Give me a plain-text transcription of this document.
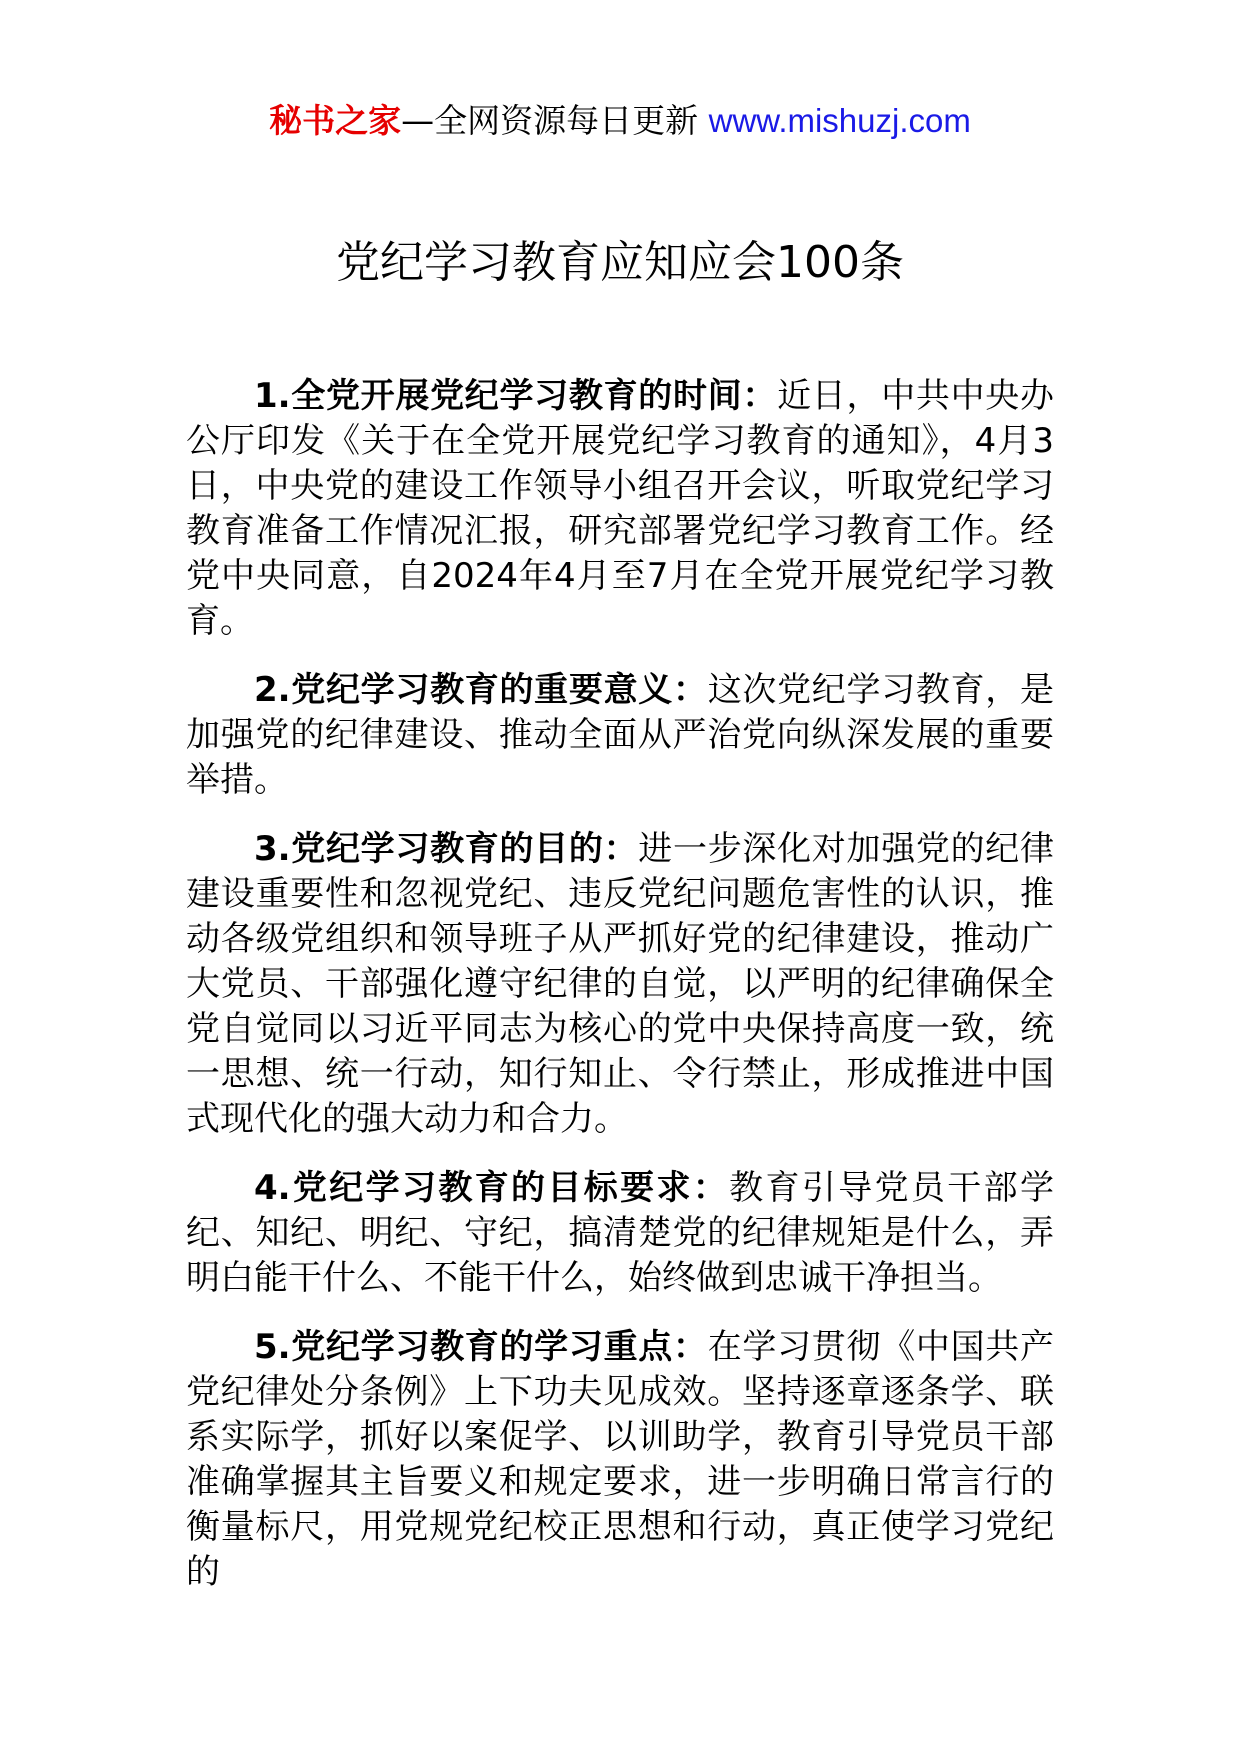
秘书之家—全网资源每日更新 www.mishuzj.com
党纪学习教育应知应会100条

1.全党开展党纪学习教育的时间：近日，中共中央办公厅印发《关于在全党开展党纪学习教育的通知》，4月3日，中央党的建设工作领导小组召开会议，听取党纪学习教育准备工作情况汇报，研究部署党纪学习教育工作。经党中央同意，自2024年4月至7月在全党开展党纪学习教育。

2.党纪学习教育的重要意义：这次党纪学习教育，是加强党的纪律建设、推动全面从严治党向纵深发展的重要举措。

3.党纪学习教育的目的：进一步深化对加强党的纪律建设重要性和忽视党纪、违反党纪问题危害性的认识，推动各级党组织和领导班子从严抓好党的纪律建设，推动广大党员、干部强化遵守纪律的自觉，以严明的纪律确保全党自觉同以习近平同志为核心的党中央保持高度一致，统一思想、统一行动，知行知止、令行禁止，形成推进中国式现代化的强大动力和合力。

4.党纪学习教育的目标要求：教育引导党员干部学纪、知纪、明纪、守纪，搞清楚党的纪律规矩是什么，弄明白能干什么、不能干什么，始终做到忠诚干净担当。

5.党纪学习教育的学习重点：在学习贯彻《中国共产党纪律处分条例》上下功夫见成效。坚持逐章逐条学、联系实际学，抓好以案促学、以训助学，教育引导党员干部准确掌握其主旨要义和规定要求，进一步明确日常言行的衡量标尺，用党规党纪校正思想和行动，真正使学习党纪的
